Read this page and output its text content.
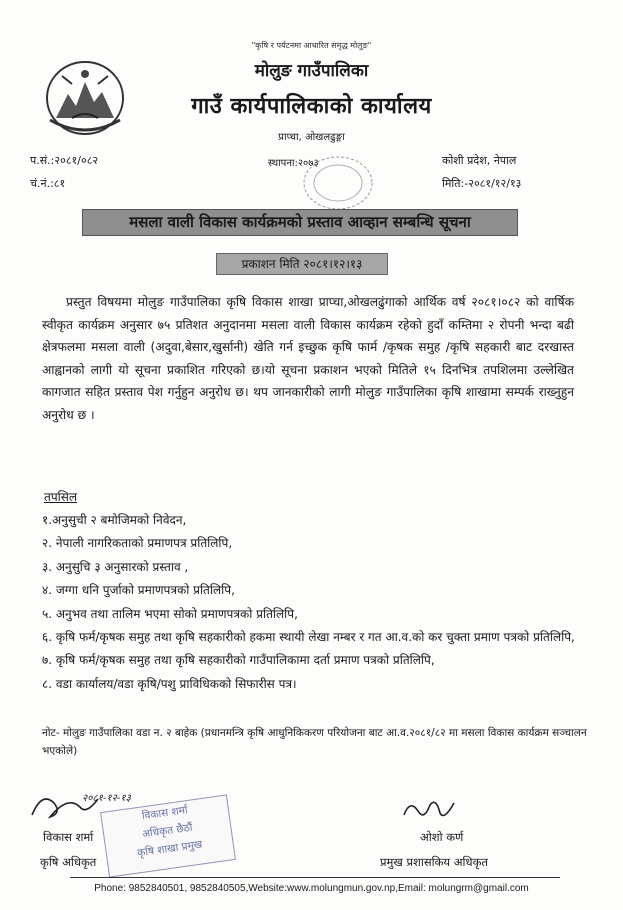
"कृषि र पर्यटनमा आधारित समृद्ध मोलुङ"
मोलुङ गाउँपालिका
गाउँ कार्यपालिकाको कार्यालय
प्राप्चा, ओखलढुङ्गा
प.सं.:२०८१/०८२
चं.नं.:८१
स्थापना:२०७३	कोशी प्रदेश, नेपाल
मिति:-२०८१/१२/१३
मसला वाली विकास कार्यक्रमको प्रस्ताव आव्हान सम्बन्धि सूचना
प्रकाशन मिति २०८१।१२।१३
प्रस्तुत विषयमा मोलुङ गाउँपालिका कृषि विकास शाखा प्राप्चा,ओखलढुंगाको आर्थिक वर्ष २०८१।०८२ को वार्षिक स्वीकृत कार्यक्रम अनुसार ७५ प्रतिशत अनुदानमा मसला वाली विकास कार्यक्रम रहेको हुदाँ कम्तिमा २ रोपनी भन्दा बढी क्षेत्रफलमा मसला वाली (अदुवा,बेसार,खुर्सानी) खेति गर्न इच्छुक कृषि फार्म /कृषक समुह /कृषि सहकारी बाट दरखास्त आह्वानको लागी यो सूचना प्रकाशित गरिएको छ।यो सूचना प्रकाशन भएको मितिले १५ दिनभित्र तपशिलमा उल्लेखित कागजात सहित प्रस्ताव पेश गर्नुहुन अनुरोध छ। थप जानकारीको लागी मोलुङ गाउँपालिका कृषि शाखामा सम्पर्क राख्नुहुन अनुरोध छ ।
तपसिल
१.अनुसुची २ बमोजिमको निवेदन,
२. नेपाली नागरिकताको प्रमाणपत्र प्रतिलिपि,
३. अनुसुचि ३ अनुसारको प्रस्ताव ,
४. जग्गा धनि पुर्जाको प्रमाणपत्रको प्रतिलिपि,
५. अनुभव तथा तालिम भएमा सोको प्रमाणपत्रको प्रतिलिपि,
६. कृषि फर्म/कृषक समुह तथा कृषि सहकारीको हकमा स्थायी लेखा नम्बर र गत आ.व.को कर चुक्ता प्रमाण पत्रको प्रतिलिपि,
७. कृषि फर्म/कृषक समुह तथा कृषि सहकारीको गाउँपालिकामा दर्ता प्रमाण पत्रको प्रतिलिपि,
८. वडा कार्यालय/वडा कृषि/पशु प्राविधिकको सिफारीस पत्र।
नोट- मोलुङ गाउँपालिका वडा न. २ बाहेक (प्रधानमन्त्रि कृषि आधुनिकिकरण परियोजना बाट आ.व.२०८१/८२ मा मसला विकास कार्यक्रम सञ्चालन भएकोले)
२०८१-१२-१३
विकास शर्मा
अधिकृत छैठौं
कृषि शाखा प्रमुख
विकास शर्मा
कृषि अधिकृत
ओशो कर्ण
प्रमुख प्रशासकिय अधिकृत
Phone: 9852840501, 9852840505,Website:www.molungmun.gov.np,Email: molungrm@gmail.com
